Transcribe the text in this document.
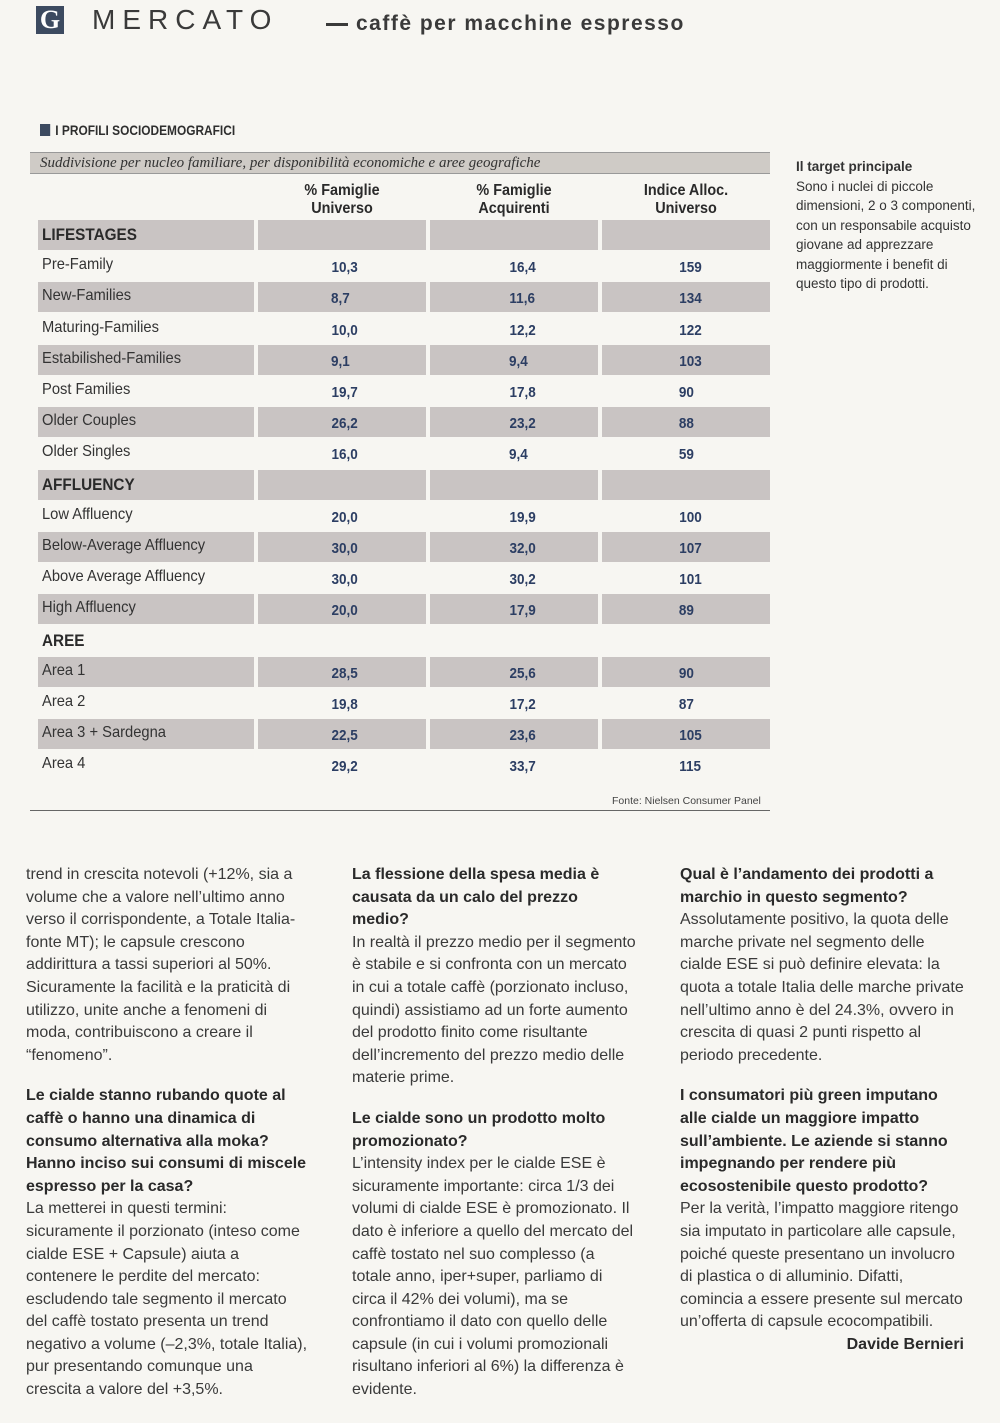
G MERCATO	caffè per macchine espresso
I PROFILI SOCIODEMOGRAFICI
Suddivisione per nucleo familiare, per disponibilità economiche e aree geografiche
% Famiglie
Universo
% Famiglie
Acquirenti
Indice Alloc.
Universo
LIFESTAGES
Pre-Family	10,3	16,4	159
New-Families	8,7	11,6	134
Maturing-Families	10,0	12,2	122
Estabilished-Families	9,1	9,4	103
Post Families	19,7	17,8	90
Older Couples	26,2	23,2	88
Older Singles	16,0	9,4	59
AFFLUENCY
Low Affluency	20,0	19,9	100
Below-Average Affluency	30,0	32,0	107
Above Average Affluency	30,0	30,2	101
High Affluency	20,0	17,9	89
AREE
Area 1	28,5	25,6	90
Area 2	19,8	17,2	87
Area 3 + Sardegna	22,5	23,6	105
Area 4	29,2	33,7	115
Fonte: Nielsen Consumer Panel
Il target principale
Sono i nuclei di piccole dimensioni, 2 o 3 componenti, con un responsabile acquisto giovane ad apprezzare maggiormente i benefit di questo tipo di prodotti.

trend in crescita notevoli (+12%, sia a volume che a valore nell’ultimo anno verso il corrispondente, a Totale Italia- fonte MT); le capsule crescono addirittura a tassi superiori al 50%. Sicuramente la facilità e la praticità di utilizzo, unite anche a fenomeni di moda, contribuiscono a creare il “fenomeno”.

Le cialde stanno rubando quote al caffè o hanno una dinamica di consumo alternativa alla moka? Hanno inciso sui consumi di miscele espresso per la casa?

La metterei in questi termini: sicuramente il porzionato (inteso come cialde ESE + Capsule) aiuta a contenere le perdite del mercato: escludendo tale segmento il mercato del caffè tostato presenta un trend negativo a volume (–2,3%, totale Italia), pur presentando comunque una crescita a valore del +3,5%.

La flessione della spesa media è causata da un calo del prezzo medio?

In realtà il prezzo medio per il segmento è stabile e si confronta con un mercato in cui a totale caffè (porzionato incluso, quindi) assistiamo ad un forte aumento del prodotto finito come risultante dell’incremento del prezzo medio delle materie prime.

Le cialde sono un prodotto molto promozionato?

L’intensity index per le cialde ESE è sicuramente importante: circa 1/3 dei volumi di cialde ESE è promozionato. Il dato è inferiore a quello del mercato del caffè tostato nel suo complesso (a totale anno, iper+super, parliamo di circa il 42% dei volumi), ma se confrontiamo il dato con quello delle capsule (in cui i volumi promozionali risultano inferiori al 6%) la differenza è evidente.

Qual è l’andamento dei prodotti a marchio in questo segmento?

Assolutamente positivo, la quota delle marche private nel segmento delle cialde ESE si può definire elevata: la quota a totale Italia delle marche private nell’ultimo anno è del 24.3%, ovvero in crescita di quasi 2 punti rispetto al periodo precedente.

I consumatori più green imputano alle cialde un maggiore impatto sull’ambiente. Le aziende si stanno impegnando per rendere più ecosostenibile questo prodotto?

Per la verità, l’impatto maggiore ritengo sia imputato in particolare alle capsule, poiché queste presentano un involucro di plastica o di alluminio. Difatti, comincia a essere presente sul mercato un’offerta di capsule ecocompatibili.

Davide Bernieri
